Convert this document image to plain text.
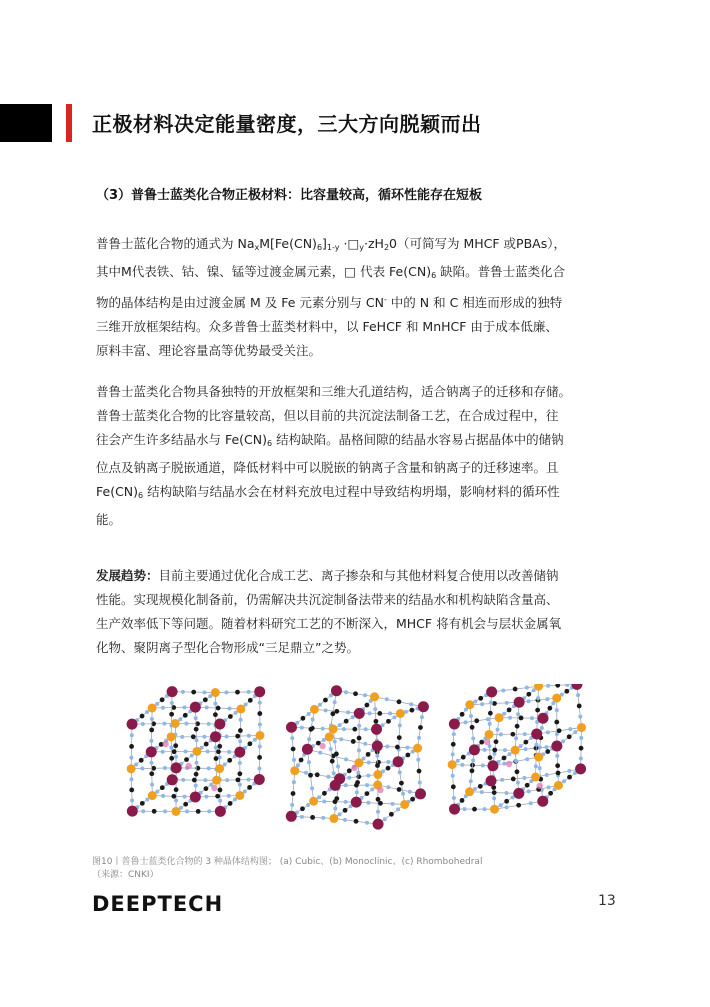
正极材料决定能量密度，三大方向脱颖而出
（3）普鲁士蓝类化合物正极材料：比容量较高，循环性能存在短板

普鲁士蓝化合物的通式为 $Na_xM[Fe(CN)_6]_{1-y}$ $\cdot□_y\cdot zH_20$（可简写为 MHCF 或PBAs），

其中M代表铁、钴、镍、锰等过渡金属元素，□ 代表 $Fe(CN)_6$ 缺陷。普鲁士蓝类化合

物的晶体结构是由过渡金属 M 及 Fe 元素分别与 CN- 中的 N 和 C 相连而形成的独特

三维开放框架结构。众多普鲁士蓝类材料中，以 FeHCF 和 MnHCF 由于成本低廉、

原料丰富、理论容量高等优势最受关注。

普鲁士蓝类化合物具备独特的开放框架和三维大孔道结构，适合钠离子的迁移和存储。

普鲁士蓝类化合物的比容量较高，但以目前的共沉淀法制备工艺，在合成过程中，往

往会产生许多结晶水与 $Fe(CN)_6$ 结构缺陷。晶格间隙的结晶水容易占据晶体中的储钠

位点及钠离子脱嵌通道，降低材料中可以脱嵌的钠离子含量和钠离子的迁移速率。且

$Fe(CN)_6$ 结构缺陷与结晶水会在材料充放电过程中导致结构坍塌，影响材料的循环性

能。

发展趋势：目前主要通过优化合成工艺、离子掺杂和与其他材料复合使用以改善储钠

性能。实现规模化制备前，仍需解决共沉淀制备法带来的结晶水和机构缺陷含量高、

生产效率低下等问题。随着材料研究工艺的不断深入，MHCF 将有机会与层状金属氧

化物、聚阴离子型化合物形成“三足鼎立”之势。

图10丨普鲁士蓝类化合物的 3 种晶体结构图； (a) Cubic、(b) Monoclinic、(c) Rhombohedral

（来源：CNKI）

DEEPTECH	13
